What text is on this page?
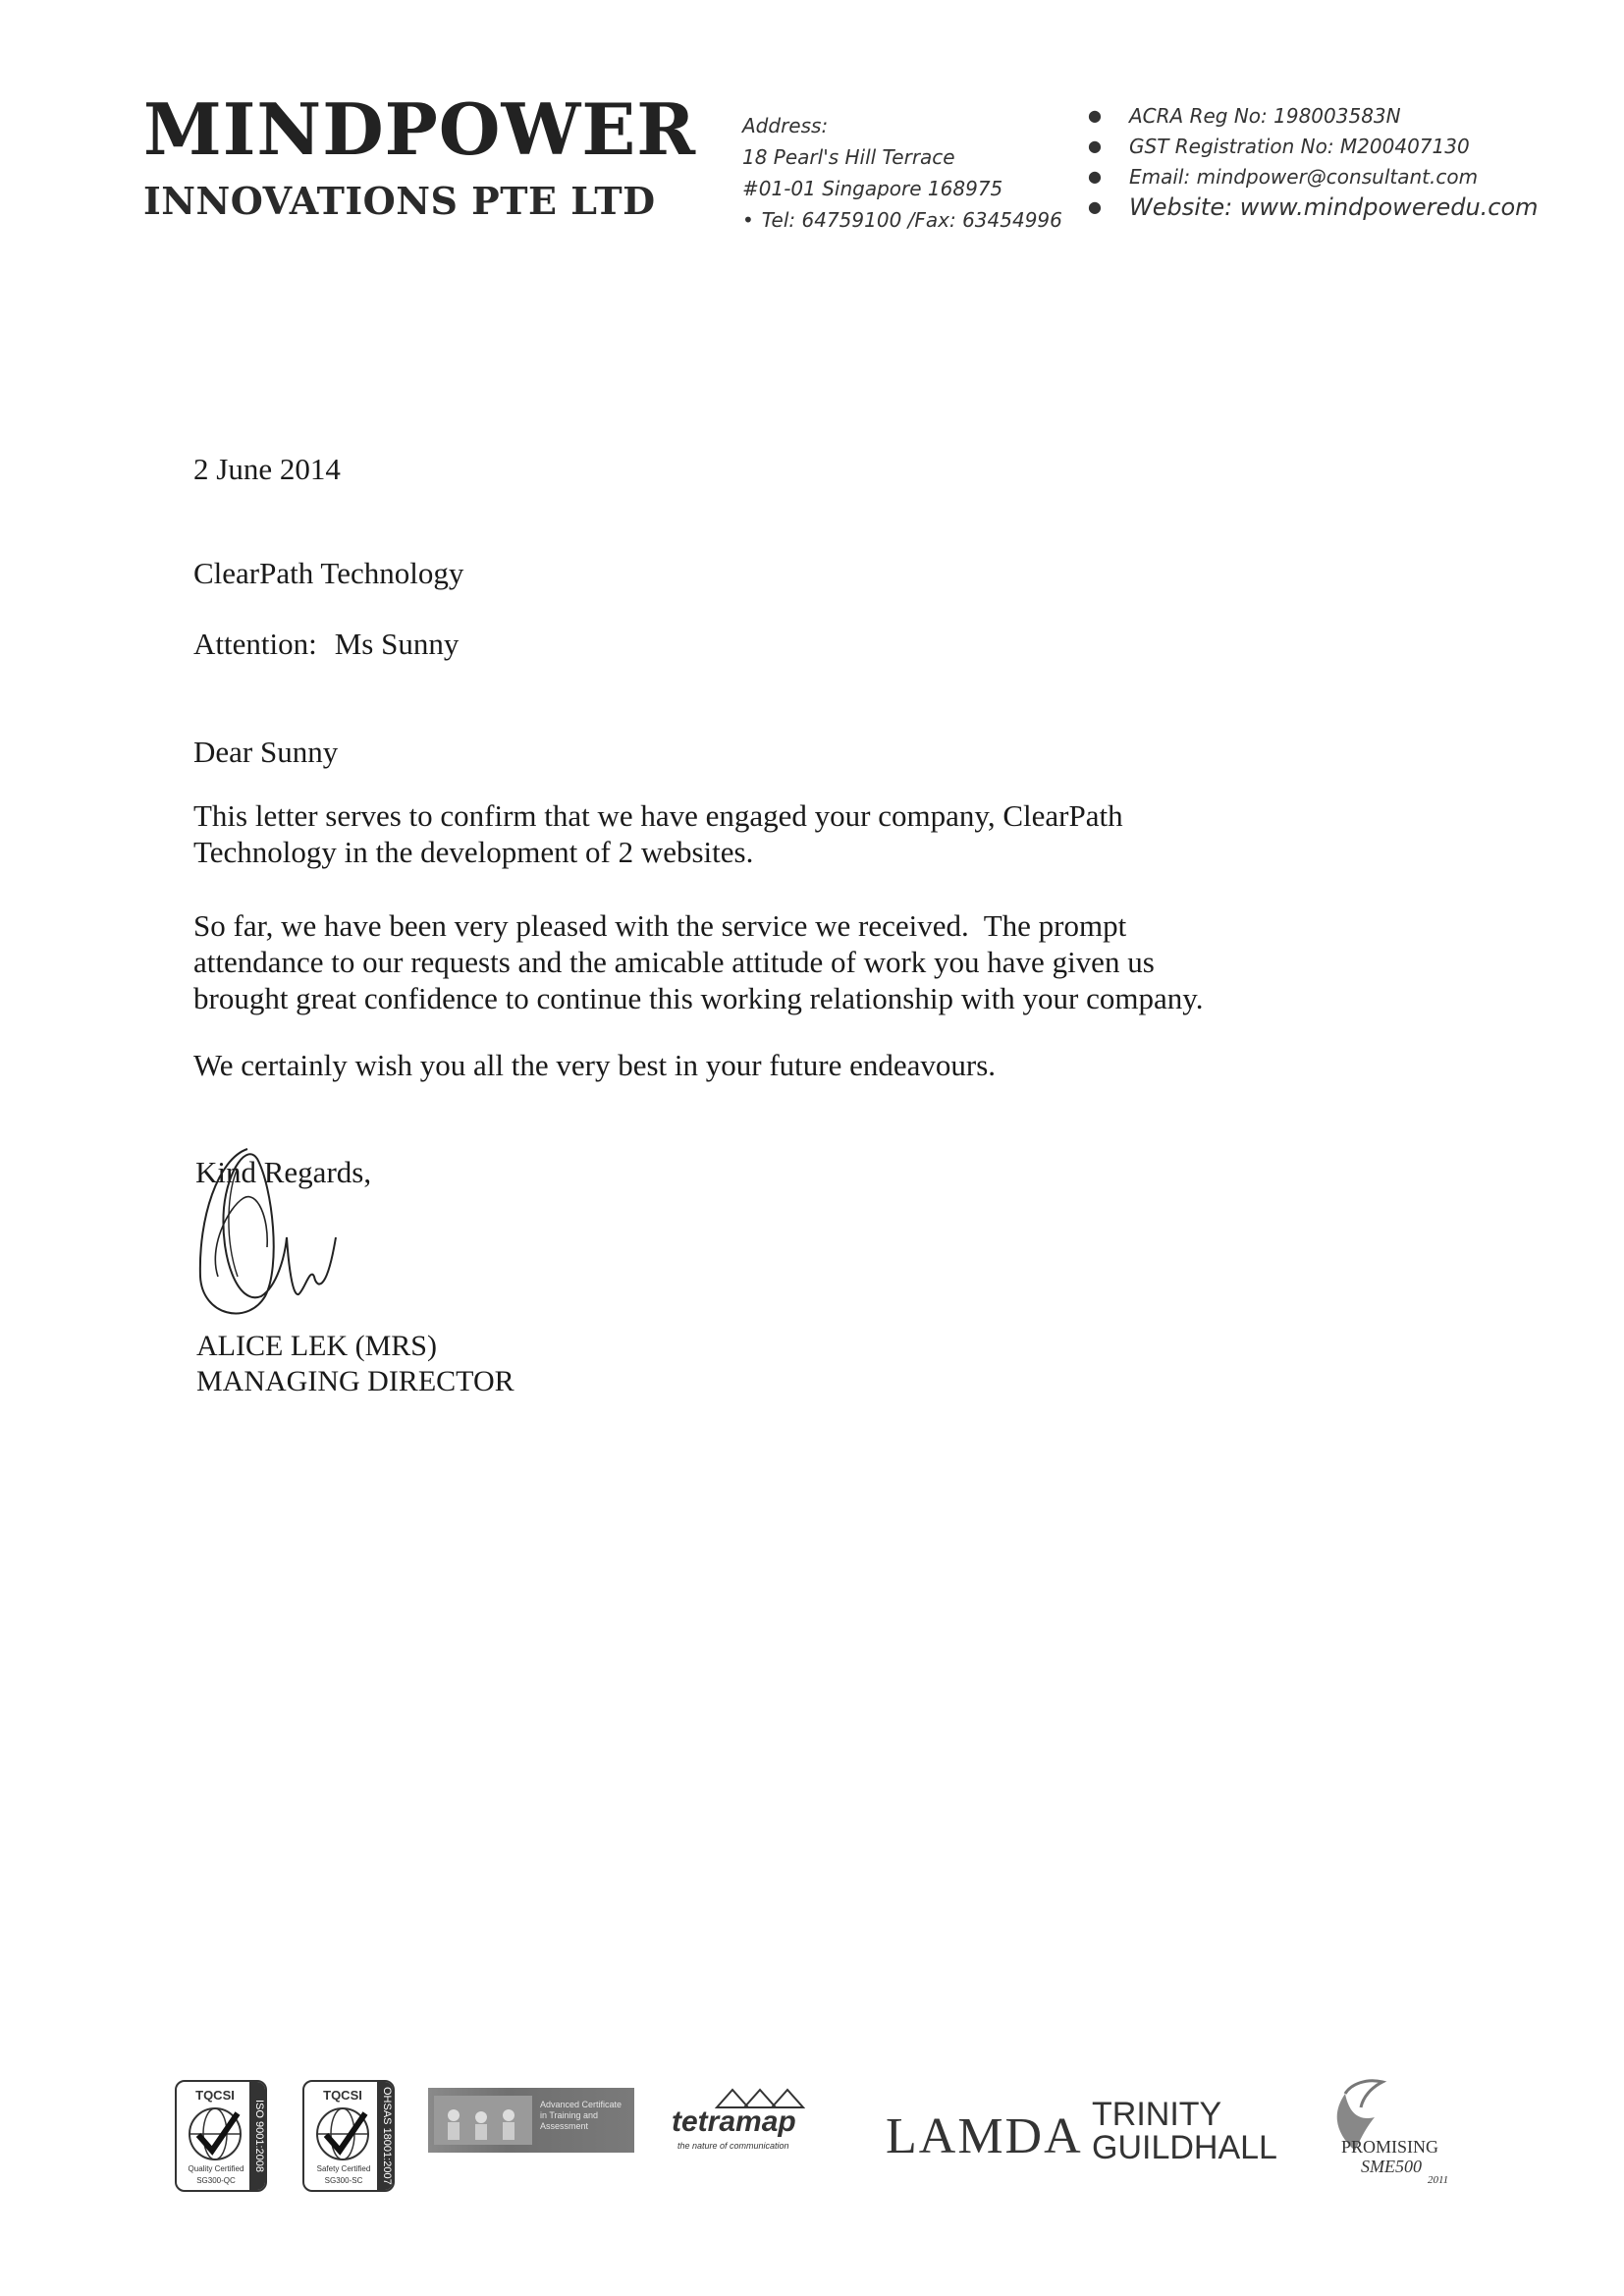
MINDPOWER
INNOVATIONS PTE LTD
Address:
18 Pearl's Hill Terrace
#01-01 Singapore 168975
• Tel: 64759100 /Fax: 63454996
●	ACRA Reg No: 198003583N
●	GST Registration No: M200407130
●	Email: mindpower@consultant.com
●	Website: www.mindpoweredu.com
2 June 2014
ClearPath Technology
Attention: Ms Sunny
Dear Sunny
This letter serves to confirm that we have engaged your company, ClearPath
Technology in the development of 2 websites.
So far, we have been very pleased with the service we received.  The prompt
attendance to our requests and the amicable attitude of work you have given us
brought great confidence to continue this working relationship with your company.
We certainly wish you all the very best in your future endeavours.
Kind Regards,
ALICE LEK (MRS)
MANAGING DIRECTOR
TQCSI
ISO 9001:2008
Quality Certified
SG300-QC
TQCSI	OHSAS 18001:2007
Safety Certified
SG300-SC
Advanced Certificate in Training and Assessment	tetramap
the nature of communication LAMDA TRINITY
GUILDHALL	PROMISING
SME500
2011
